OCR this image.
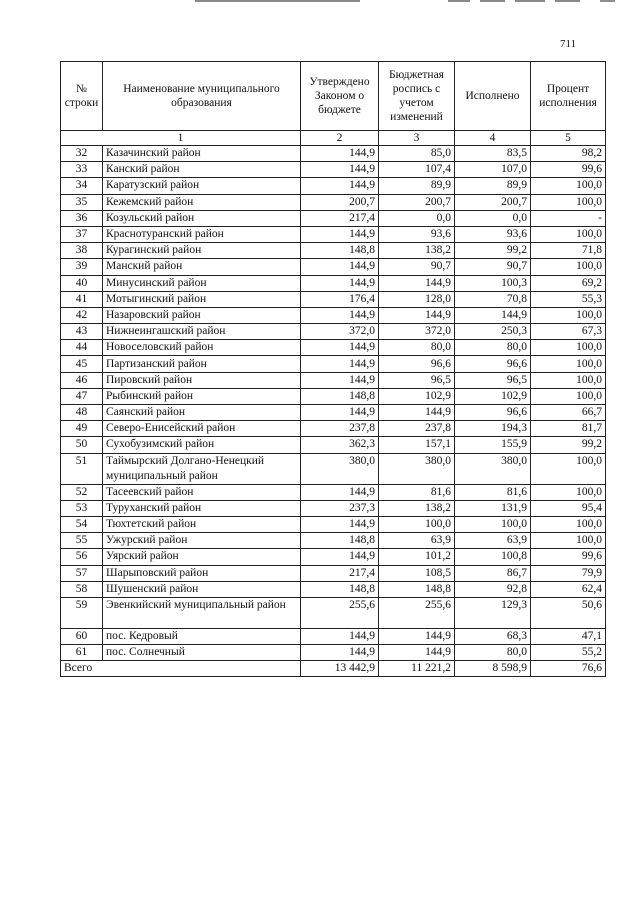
711
№ строки	Наименование муниципального образования	Утверждено Законом о бюджете	Бюджетная роспись с учетом изменений	Исполнено	Процент исполнения
1		2	3	4	5
32	Казачинский район	144,9	85,0	83,5	98,2
33	Канский район	144,9	107,4	107,0	99,6
34	Каратузский район	144,9	89,9	89,9	100,0
35	Кежемский район	200,7	200,7	200,7	100,0
36	Козульский район	217,4	0,0	0,0	-
37	Краснотуранский район	144,9	93,6	93,6	100,0
38	Курагинский район	148,8	138,2	99,2	71,8
39	Манский район	144,9	90,7	90,7	100,0
40	Минусинский район	144,9	144,9	100,3	69,2
41	Мотыгинский район	176,4	128,0	70,8	55,3
42	Назаровский район	144,9	144,9	144,9	100,0
43	Нижнеингашский район	372,0	372,0	250,3	67,3
44	Новоселовский район	144,9	80,0	80,0	100,0
45	Партизанский район	144,9	96,6	96,6	100,0
46	Пировский район	144,9	96,5	96,5	100,0
47	Рыбинский район	148,8	102,9	102,9	100,0
48	Саянский район	144,9	144,9	96,6	66,7
49	Северо-Енисейский район	237,8	237,8	194,3	81,7
50	Сухобузимский район	362,3	157,1	155,9	99,2
51	Таймырский Долгано-Ненецкий муниципальный район	380,0	380,0	380,0	100,0
52	Тасеевский район	144,9	81,6	81,6	100,0
53	Туруханский район	237,3	138,2	131,9	95,4
54	Тюхтетский район	144,9	100,0	100,0	100,0
55	Ужурский район	148,8	63,9	63,9	100,0
56	Уярский район	144,9	101,2	100,8	99,6
57	Шарыповский район	217,4	108,5	86,7	79,9
58	Шушенский район	148,8	148,8	92,8	62,4
59	Эвенкийский муниципальный район	255,6	255,6	129,3	50,6
60	пос. Кедровый	144,9	144,9	68,3	47,1
61	пос. Солнечный	144,9	144,9	80,0	55,2
Всего		13 442,9	11 221,2	8 598,9	76,6
